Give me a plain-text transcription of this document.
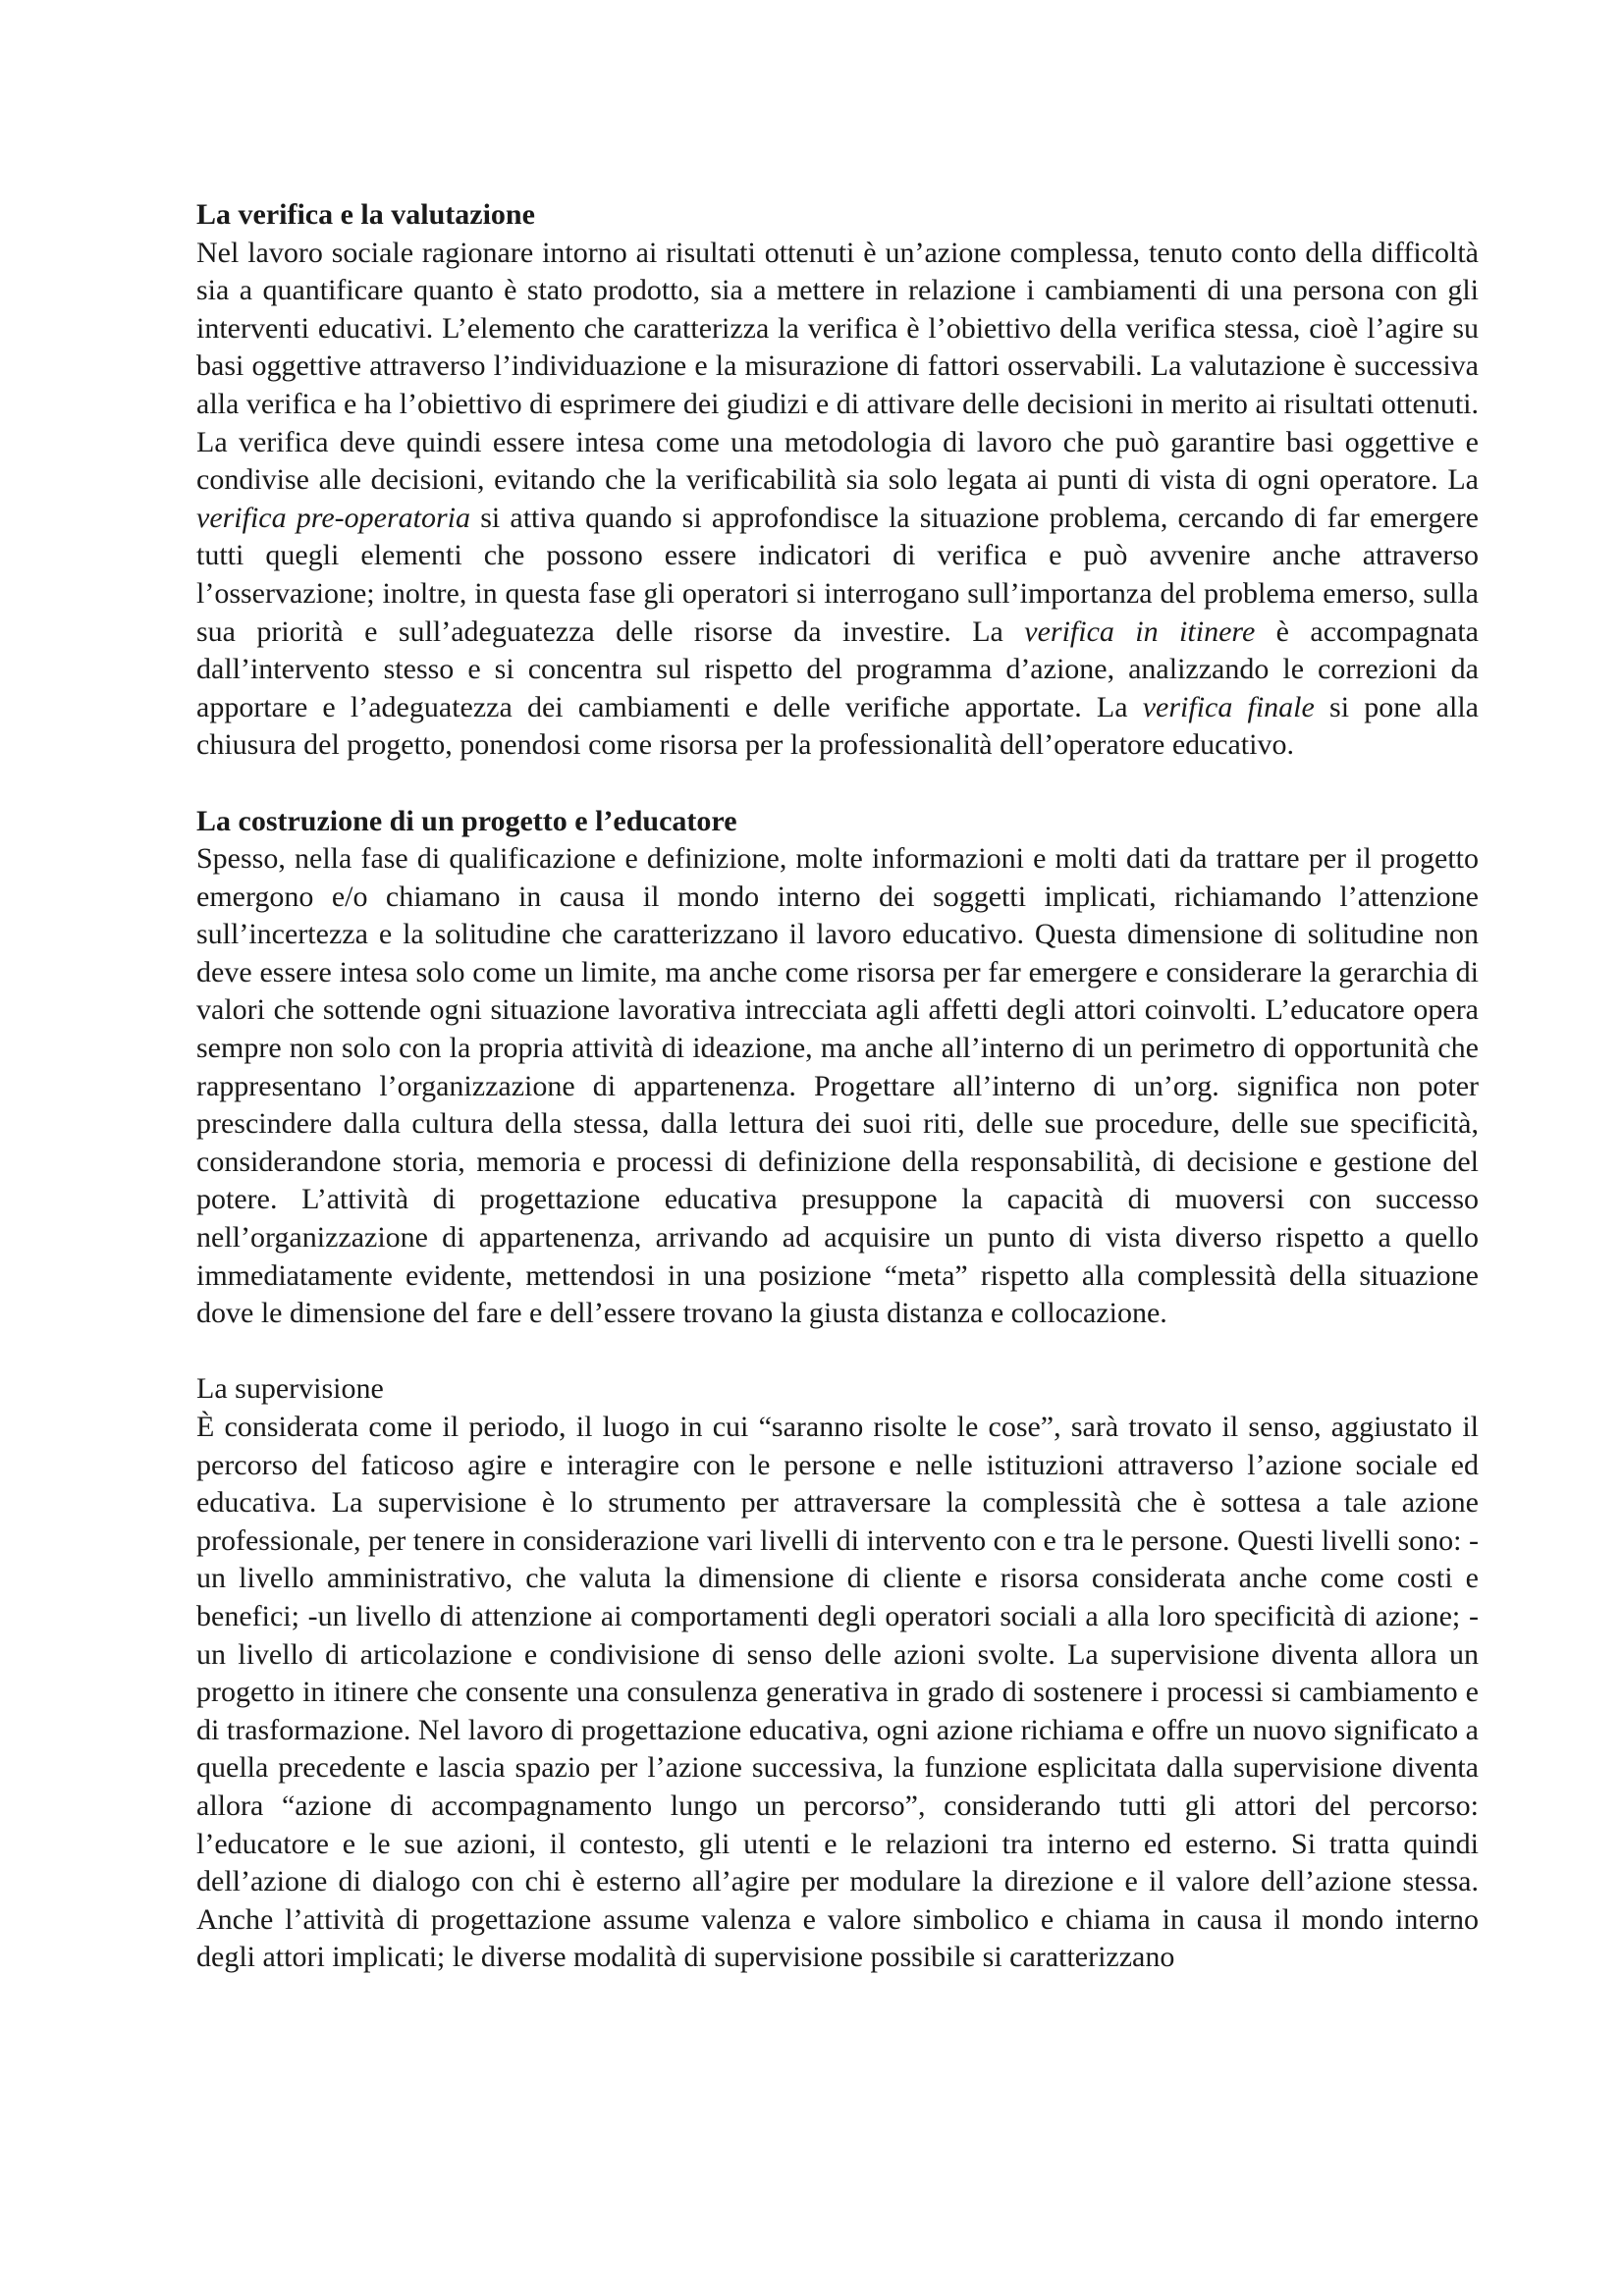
La verifica e la valutazione

Nel lavoro sociale ragionare intorno ai risultati ottenuti è un’azione complessa, tenuto conto della difficoltà sia a quantificare quanto è stato prodotto, sia a mettere in relazione i cambiamenti di una persona con gli interventi educativi. L’elemento che caratterizza la verifica è l’obiettivo della verifica stessa, cioè l’agire su basi oggettive attraverso l’individuazione e la misurazione di fattori osservabili. La valutazione è successiva alla verifica e ha l’obiettivo di esprimere dei giudizi e di attivare delle decisioni in merito ai risultati ottenuti. La verifica deve quindi essere intesa come una metodologia di lavoro che può garantire basi oggettive e condivise alle decisioni, evitando che la verificabilità sia solo legata ai punti di vista di ogni operatore. La verifica pre-operatoria si attiva quando si approfondisce la situazione problema, cercando di far emergere tutti quegli elementi che possono essere indicatori di verifica e può avvenire anche attraverso l’osservazione; inoltre, in questa fase gli operatori si interrogano sull’importanza del problema emerso, sulla sua priorità e sull’adeguatezza delle risorse da investire. La verifica in itinere è accompagnata dall’intervento stesso e si concentra sul rispetto del programma d’azione, analizzando le correzioni da apportare e l’adeguatezza dei cambiamenti e delle verifiche apportate. La verifica finale si pone alla chiusura del progetto, ponendosi come risorsa per la professionalità dell’operatore educativo.

La costruzione di un progetto e l’educatore

Spesso, nella fase di qualificazione e definizione, molte informazioni e molti dati da trattare per il progetto emergono e/o chiamano in causa il mondo interno dei soggetti implicati, richiamando l’attenzione sull’incertezza e la solitudine che caratterizzano il lavoro educativo. Questa dimensione di solitudine non deve essere intesa solo come un limite, ma anche come risorsa per far emergere e considerare la gerarchia di valori che sottende ogni situazione lavorativa intrecciata agli affetti degli attori coinvolti. L’educatore opera sempre non solo con la propria attività di ideazione, ma anche all’interno di un perimetro di opportunità che rappresentano l’organizzazione di appartenenza. Progettare all’interno di un’org. significa non poter prescindere dalla cultura della stessa, dalla lettura dei suoi riti, delle sue procedure, delle sue specificità, considerandone storia, memoria e processi di definizione della responsabilità, di decisione e gestione del potere. L’attività di progettazione educativa presuppone la capacità di muoversi con successo nell’organizzazione di appartenenza, arrivando ad acquisire un punto di vista diverso rispetto a quello immediatamente evidente, mettendosi in una posizione “meta” rispetto alla complessità della situazione dove le dimensione del fare e dell’essere trovano la giusta distanza e collocazione.

La supervisione

È considerata come il periodo, il luogo in cui “saranno risolte le cose”, sarà trovato il senso, aggiustato il percorso del faticoso agire e interagire con le persone e nelle istituzioni attraverso l’azione sociale ed educativa. La supervisione è lo strumento per attraversare la complessità che è sottesa a tale azione professionale, per tenere in considerazione vari livelli di intervento con e tra le persone. Questi livelli sono: -un livello amministrativo, che valuta la dimensione di cliente e risorsa considerata anche come costi e benefici; -un livello di attenzione ai comportamenti degli operatori sociali a alla loro specificità di azione; -un livello di articolazione e condivisione di senso delle azioni svolte. La supervisione diventa allora un progetto in itinere che consente una consulenza generativa in grado di sostenere i processi si cambiamento e di trasformazione. Nel lavoro di progettazione educativa, ogni azione richiama e offre un nuovo significato a quella precedente e lascia spazio per l’azione successiva, la funzione esplicitata dalla supervisione diventa allora “azione di accompagnamento lungo un percorso”, considerando tutti gli attori del percorso: l’educatore e le sue azioni, il contesto, gli utenti e le relazioni tra interno ed esterno. Si tratta quindi dell’azione di dialogo con chi è esterno all’agire per modulare la direzione e il valore dell’azione stessa. Anche l’attività di progettazione assume valenza e valore simbolico e chiama in causa il mondo interno degli attori implicati; le diverse modalità di supervisione possibile si caratterizzano
